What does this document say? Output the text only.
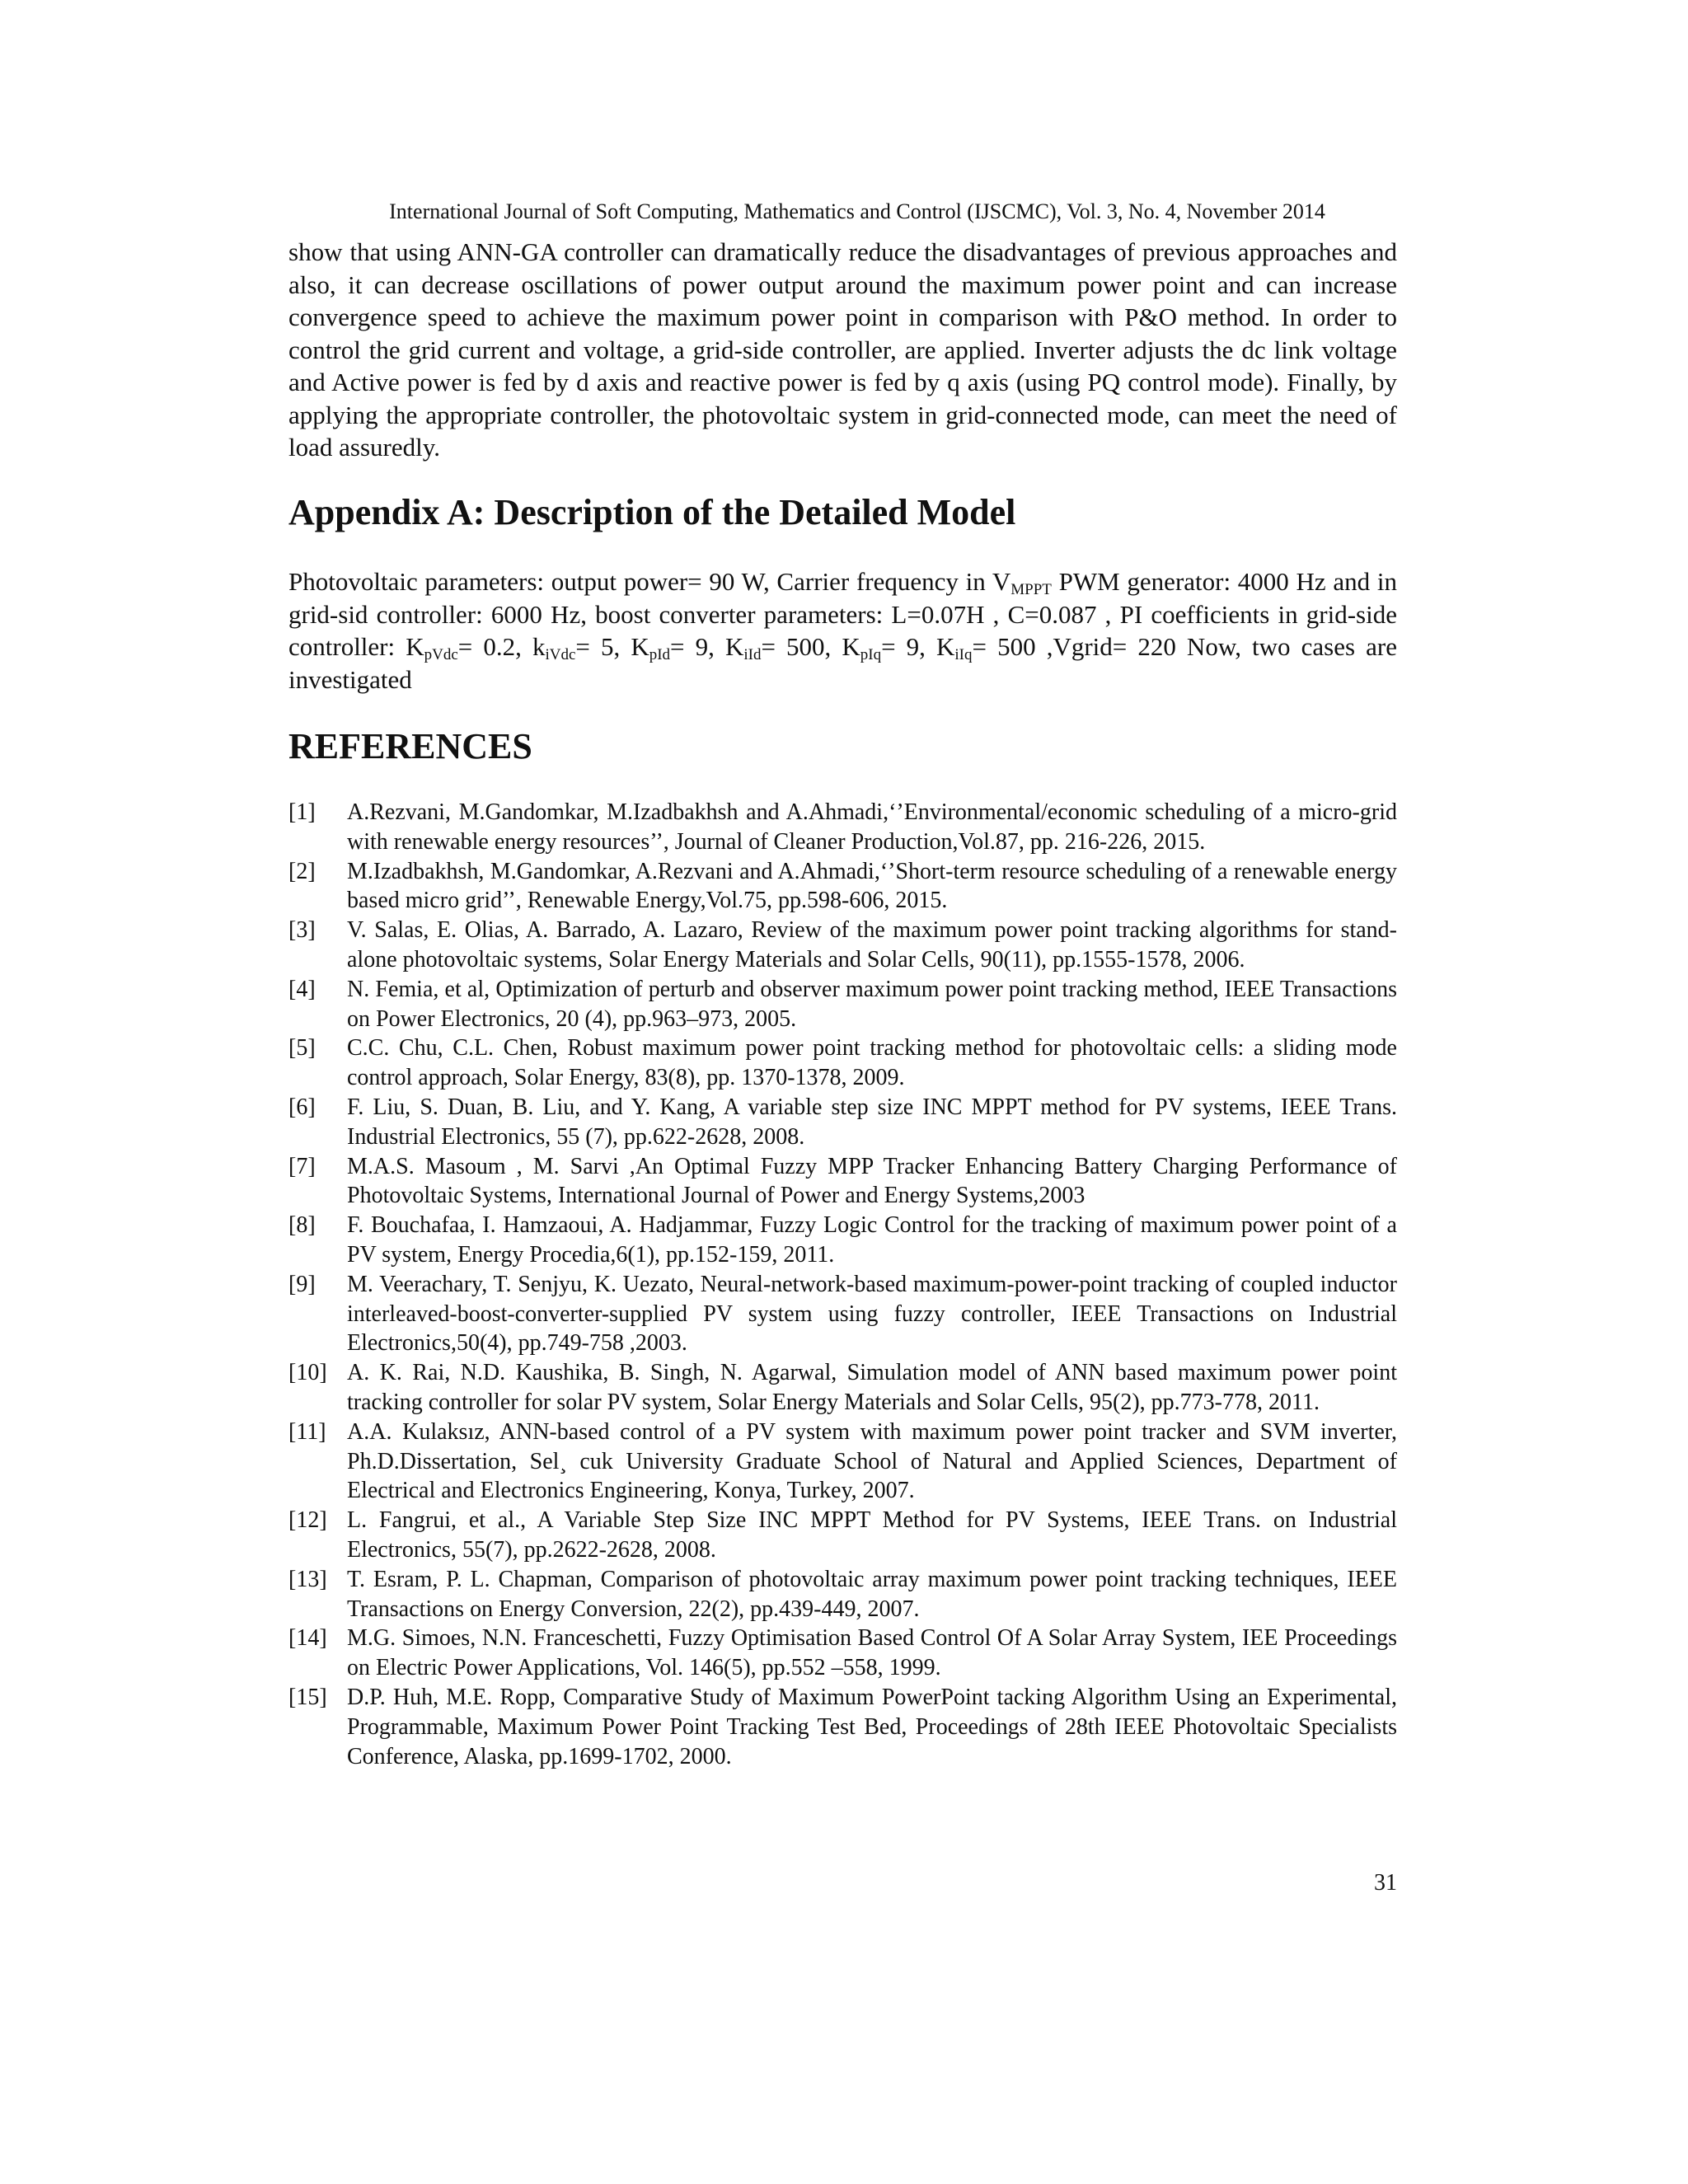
International Journal of Soft Computing, Mathematics and Control (IJSCMC), Vol. 3, No. 4, November 2014

show that using ANN-GA controller can dramatically reduce the disadvantages of previous approaches and also, it can decrease oscillations of power output around the maximum power point and can increase convergence speed to achieve the maximum power point in comparison with P&O method. In order to control the grid current and voltage, a grid-side controller, are applied. Inverter adjusts the dc link voltage and Active power is fed by d axis and reactive power is fed by q axis (using PQ control mode). Finally, by applying the appropriate controller, the photovoltaic system in grid-connected mode, can meet the need of load assuredly.

Appendix A: Description of the Detailed Model

Photovoltaic parameters: output power= 90 W, Carrier frequency in $V_{MPPT}$ PWM generator: 4000 Hz and in grid-sid controller: 6000 Hz, boost converter parameters: L=0.07H , C=0.087 , PI coefficients in grid-side controller: $K_{pVdc}= 0.2$, $k_{iVdc}= 5$, $K_{pId}= 9$, $K_{iId}= 500$, $K_{pIq}= 9$, $K_{iIq}= 500$ ,Vgrid= 220 Now, two cases are investigated

REFERENCES
[1] A.Rezvani, M.Gandomkar, M.Izadbakhsh and A.Ahmadi,‘’Environmental/economic scheduling of a micro-grid with renewable energy resources’’, Journal of Cleaner Production,Vol.87, pp. 216-226, 2015.
[2] M.Izadbakhsh, M.Gandomkar, A.Rezvani and A.Ahmadi,‘’Short-term resource scheduling of a renewable energy based micro grid’’, Renewable Energy,Vol.75, pp.598-606, 2015.
[3] V. Salas, E. Olias, A. Barrado, A. Lazaro, Review of the maximum power point tracking algorithms for stand-alone photovoltaic systems, Solar Energy Materials and Solar Cells, 90(11), pp.1555-1578, 2006.
[4] N. Femia, et al, Optimization of perturb and observer maximum power point tracking method, IEEE Transactions on Power Electronics, 20 (4), pp.963–973, 2005.
[5] C.C. Chu, C.L. Chen, Robust maximum power point tracking method for photovoltaic cells: a sliding mode control approach, Solar Energy, 83(8), pp. 1370-1378, 2009.
[6] F. Liu, S. Duan, B. Liu, and Y. Kang, A variable step size INC MPPT method for PV systems, IEEE Trans. Industrial Electronics, 55 (7), pp.622-2628, 2008.
[7] M.A.S. Masoum , M. Sarvi ,An Optimal Fuzzy MPP Tracker Enhancing Battery Charging Performance of Photovoltaic Systems, International Journal of Power and Energy Systems,2003
[8] F. Bouchafaa, I. Hamzaoui, A. Hadjammar, Fuzzy Logic Control for the tracking of maximum power point of a PV system, Energy Procedia,6(1), pp.152-159, 2011.
[9] M. Veerachary, T. Senjyu, K. Uezato, Neural-network-based maximum-power-point tracking of coupled inductor interleaved-boost-converter-supplied PV system using fuzzy controller, IEEE Transactions on Industrial Electronics,50(4), pp.749-758 ,2003.
[10] A. K. Rai, N.D. Kaushika, B. Singh, N. Agarwal, Simulation model of ANN based maximum power point tracking controller for solar PV system, Solar Energy Materials and Solar Cells, 95(2), pp.773-778, 2011.
[11] A.A. Kulaksız, ANN-based control of a PV system with maximum power point tracker and SVM inverter, Ph.D.Dissertation, Sel¸ cuk University Graduate School of Natural and Applied Sciences, Department of Electrical and Electronics Engineering, Konya, Turkey, 2007.
[12] L. Fangrui, et al., A Variable Step Size INC MPPT Method for PV Systems, IEEE Trans. on Industrial Electronics, 55(7), pp.2622-2628, 2008.
[13] T. Esram, P. L. Chapman, Comparison of photovoltaic array maximum power point tracking techniques, IEEE Transactions on Energy Conversion, 22(2), pp.439-449, 2007.
[14] M.G. Simoes, N.N. Franceschetti, Fuzzy Optimisation Based Control Of A Solar Array System, IEE Proceedings on Electric Power Applications, Vol. 146(5), pp.552 –558, 1999.
[15] D.P. Huh, M.E. Ropp, Comparative Study of Maximum PowerPoint tacking Algorithm Using an Experimental, Programmable, Maximum Power Point Tracking Test Bed, Proceedings of 28th IEEE Photovoltaic Specialists Conference, Alaska, pp.1699-1702, 2000.
31
